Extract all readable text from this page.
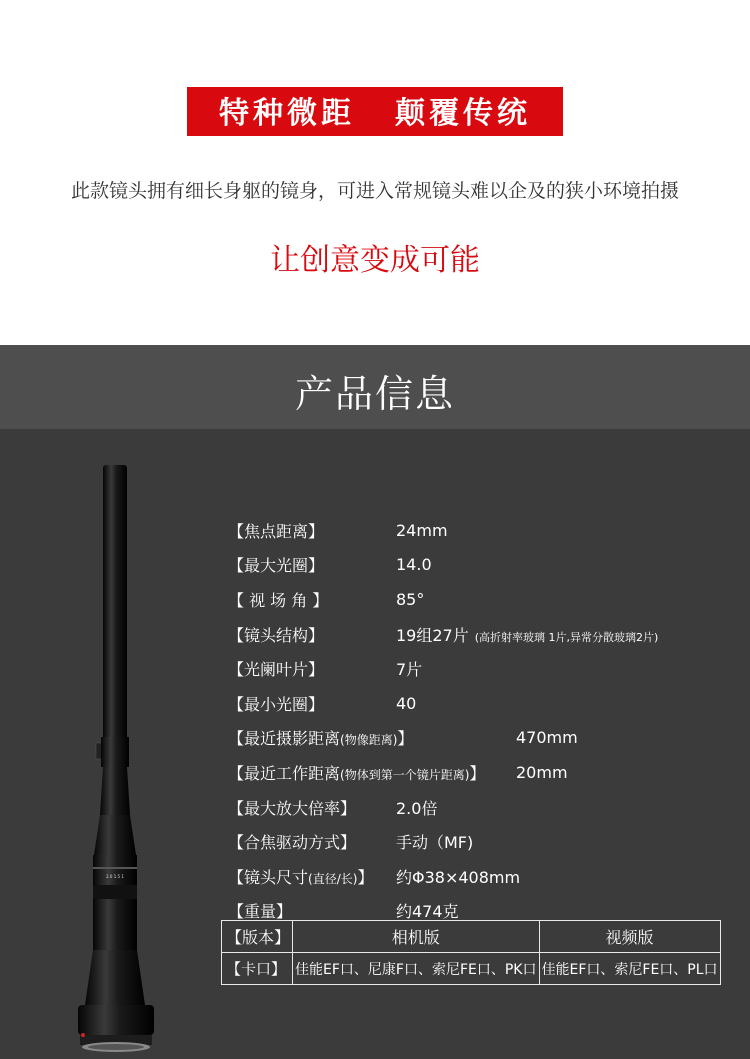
特种微距 颠覆传统
此款镜头拥有细长身躯的镜身，可进入常规镜头难以企及的狭小环境拍摄
让创意变成可能
产品信息
2.0 1.5 1
【焦点距离】	24mm
【最大光圈】	14.0
【 视 场 角 】	85°
【镜头结构】	19组27片 (高折射率玻璃 1片,异常分散玻璃2片)
【光阑叶片】	7片
【最小光圈】	40
【最近摄影距离(物像距离)】	470mm
【最近工作距离(物体到第一个镜片距离)】 20mm
【最大放大倍率】 2.0倍
【合焦驱动方式】 手动（MF)
【镜头尺寸(直径/长)】 约Φ38×408mm
【重量】	约474克
【版本】	相机版	视频版
【卡口】	佳能EF口、尼康F口、索尼FE口、PK口	佳能EF口、索尼FE口、PL口
